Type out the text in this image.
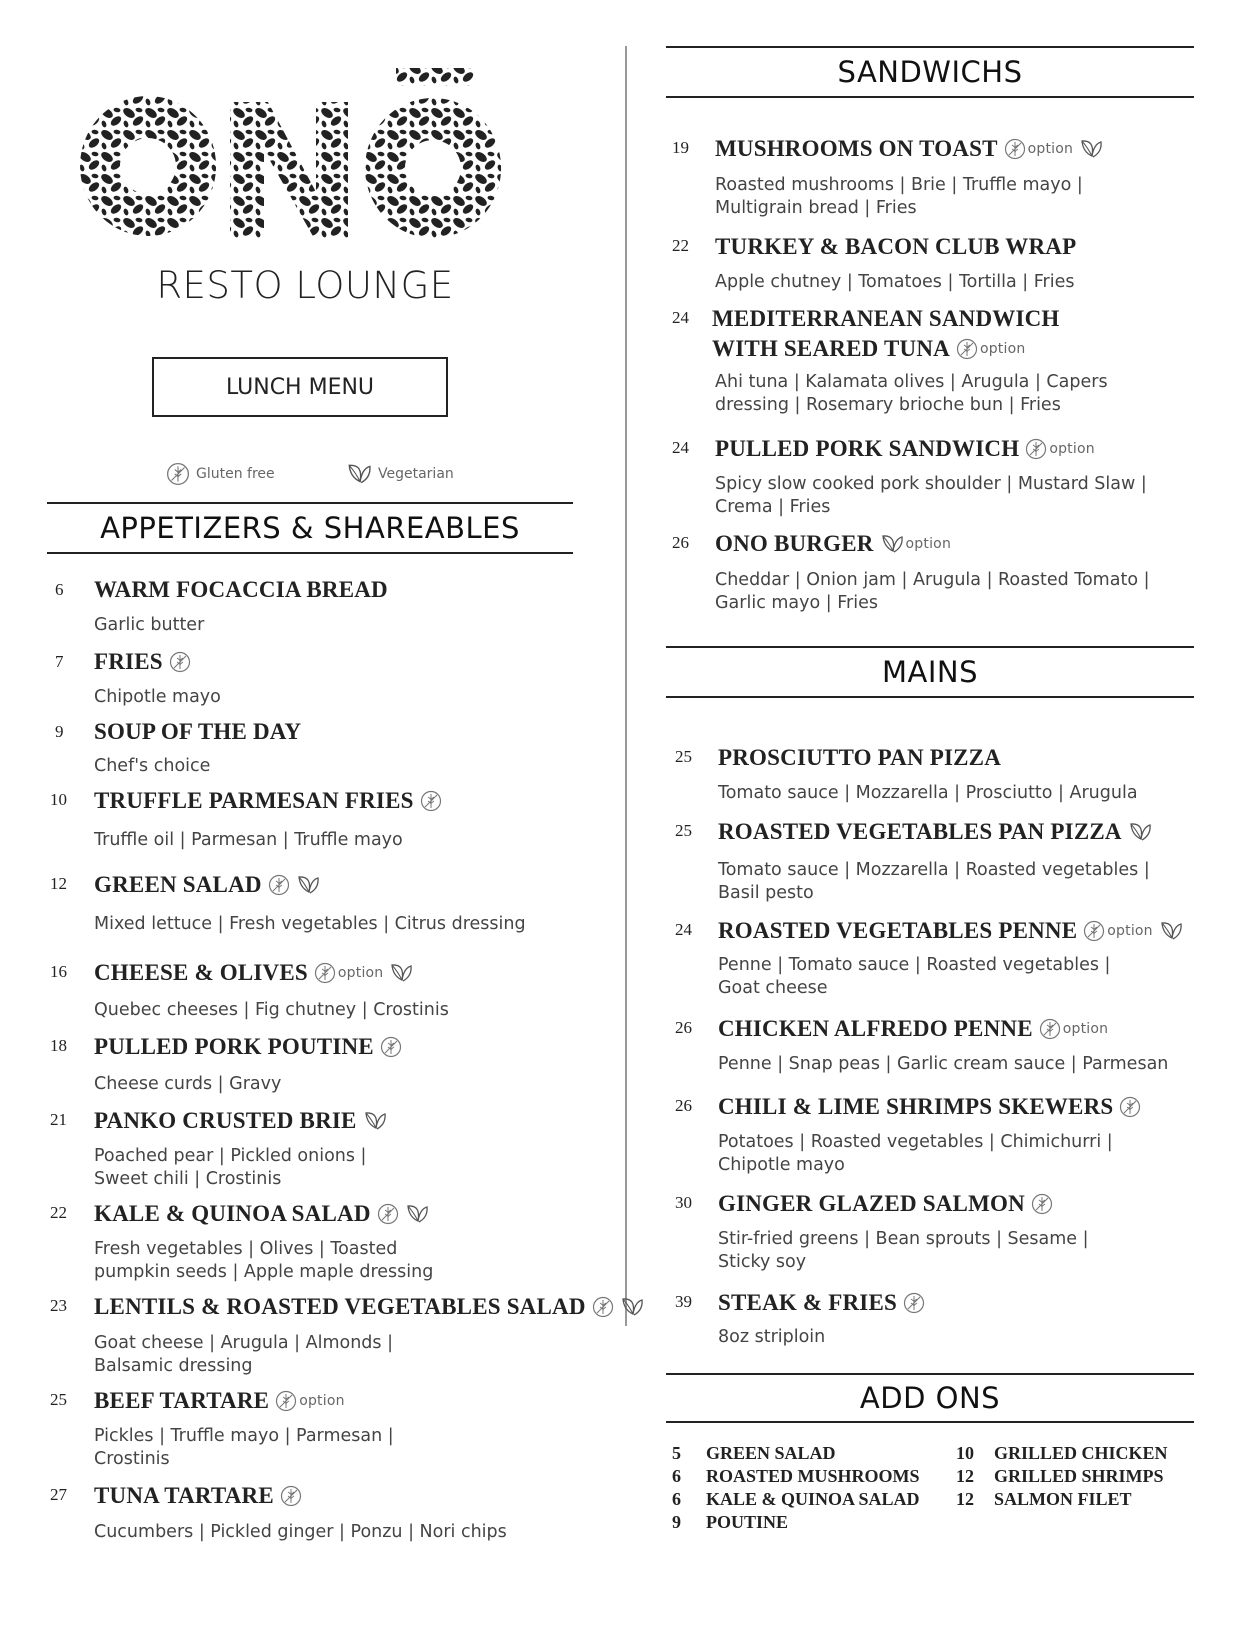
RESTO LOUNGE
LUNCH MENU
Gluten free	Vegetarian
APPETIZERS & SHAREABLES
SANDWICHS
MAINS
ADD ONS
6 WARM FOCACCIA BREAD
Garlic butter
7 FRIES
Chipotle mayo
9 SOUP OF THE DAY
Chef's choice
10 TRUFFLE PARMESAN FRIES
Truffle oil | Parmesan | Truffle mayo
12 GREEN SALAD
Mixed lettuce | Fresh vegetables | Citrus dressing
16 CHEESE & OLIVES option
Quebec cheeses | Fig chutney | Crostinis
18 PULLED PORK POUTINE
Cheese curds | Gravy
21 PANKO CRUSTED BRIE
Poached pear | Pickled onions |
Sweet chili | Crostinis
22 KALE & QUINOA SALAD
Fresh vegetables | Olives | Toasted
pumpkin seeds | Apple maple dressing
23 LENTILS & ROASTED VEGETABLES SALAD
Goat cheese | Arugula | Almonds |
Balsamic dressing
25 BEEF TARTARE option
Pickles | Truffle mayo | Parmesan |
Crostinis
27 TUNA TARTARE
Cucumbers | Pickled ginger | Ponzu | Nori chips
19 MUSHROOMS ON TOAST option
Roasted mushrooms | Brie | Truffle mayo |
Multigrain bread | Fries
22 TURKEY & BACON CLUB WRAP
Apple chutney | Tomatoes | Tortilla | Fries
24 MEDITERRANEAN SANDWICH
WITH SEARED TUNA option
Ahi tuna | Kalamata olives | Arugula | Capers
dressing | Rosemary brioche bun | Fries
24 PULLED PORK SANDWICH option
Spicy slow cooked pork shoulder | Mustard Slaw |
Crema | Fries
26 ONO BURGER option
Cheddar | Onion jam | Arugula | Roasted Tomato |
Garlic mayo | Fries
25 PROSCIUTTO PAN PIZZA
Tomato sauce | Mozzarella | Prosciutto | Arugula
25 ROASTED VEGETABLES PAN PIZZA
Tomato sauce | Mozzarella | Roasted vegetables |
Basil pesto
24 ROASTED VEGETABLES PENNE option
Penne | Tomato sauce | Roasted vegetables |
Goat cheese
26 CHICKEN ALFREDO PENNE option
Penne | Snap peas | Garlic cream sauce | Parmesan
26 CHILI & LIME SHRIMPS SKEWERS
Potatoes | Roasted vegetables | Chimichurri |
Chipotle mayo
30 GINGER GLAZED SALMON
Stir-fried greens | Bean sprouts | Sesame |
Sticky soy
39 STEAK & FRIES
8oz striploin
5	GREEN SALAD
6	ROASTED MUSHROOMS
6	KALE & QUINOA SALAD
9	POUTINE
10	GRILLED CHICKEN
12	GRILLED SHRIMPS
12	SALMON FILET
